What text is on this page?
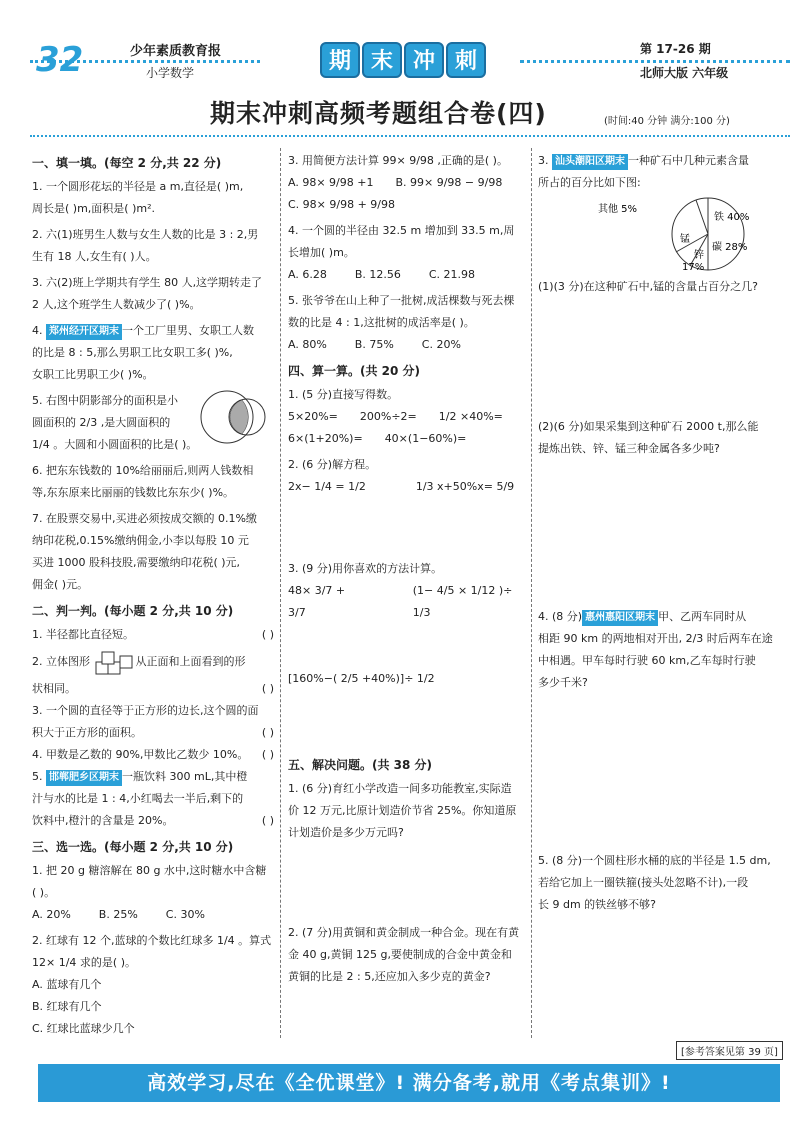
32	少年素质教育报
小学数学	期 末 冲 刺	第 17-26 期
北师大版 六年级
期末冲刺高频考题组合卷(四)	(时间:40 分钟 满分:100 分)
一、填一填。(每空 2 分,共 22 分)
1. 一个圆形花坛的半径是 a m,直径是( )m,
周长是( )m,面积是( )m².
2. 六(1)班男生人数与女生人数的比是 3 : 2,男
生有 18 人,女生有( )人。
3. 六(2)班上学期共有学生 80 人,这学期转走了
2 人,这个班学生人数减少了( )%。
4. 郑州经开区期末 一个工厂里男、女职工人数
的比是 8 : 5,那么男职工比女职工多( )%,
女职工比男职工少( )%。
5. 右图中阴影部分的面积是小
圆面积的 2/3 ,是大圆面积的
1/4 。大圆和小圆面积的比是( )。
6. 把东东钱数的 10%给丽丽后,则两人钱数相
等,东东原来比丽丽的钱数比东东少( )%。
7. 在股票交易中,买进必须按成交额的 0.1%缴
纳印花税,0.15%缴纳佣金,小李以每股 10 元
买进 1000 股科技股,需要缴纳印花税( )元,
佣金( )元。
二、判一判。(每小题 2 分,共 10 分)
1. 半径都比直径短。	( )
2. 立体图形	从正面和上面看到的形
状相同。	( )
3. 一个圆的直径等于正方形的边长,这个圆的面
积大于正方形的面积。	( )
4. 甲数是乙数的 90%,甲数比乙数少 10%。 ( )
5. 邯郸肥乡区期末 一瓶饮料 300 mL,其中橙
汁与水的比是 1 : 4,小红喝去一半后,剩下的
饮料中,橙汁的含量是 20%。	( )
三、选一选。(每小题 2 分,共 10 分)
1. 把 20 g 糖溶解在 80 g 水中,这时糖水中含糖
( )。
A. 20%	B. 25%	C. 30%
2. 红球有 12 个,蓝球的个数比红球多 1/4 。算式
12× 1/4 求的是( )。
A. 蓝球有几个
B. 红球有几个
C. 红球比蓝球少几个
3. 用简便方法计算 99× 9/98 ,正确的是( )。
A. 98× 9/98 +1 B. 99× 9/98 − 9/98
C. 98× 9/98 + 9/98
4. 一个圆的半径由 32.5 m 增加到 33.5 m,周
长增加( )m。
A. 6.28	B. 12.56	C. 21.98
5. 张爷爷在山上种了一批树,成活棵数与死去棵
数的比是 4 : 1,这批树的成活率是( )。
A. 80%	B. 75%	C. 20%
四、算一算。(共 20 分)
1. (5 分)直接写得数。
5×20%= 200%÷2= 1/2 ×40%=
6×(1+20%)= 40×(1−60%)=
2. (6 分)解方程。
2x− 1/4 = 1/2	1/3 x+50%x= 5/9
3. (9 分)用你喜欢的方法计算。
48× 3/7 + 3/7
(1− 4/5 × 1/12 )÷ 1/3
[160%−( 2/5 +40%)]÷ 1/2
五、解决问题。(共 38 分)
1. (6 分)育红小学改造一间多功能教室,实际造
价 12 万元,比原计划造价节省 25%。你知道原
计划造价是多少万元吗?
2. (7 分)用黄铜和黄金制成一种合金。现在有黄
金 40 g,黄铜 125 g,要使制成的合金中黄金和
黄铜的比是 2 : 5,还应加入多少克的黄金?
3. 汕头潮阳区期末 一种矿石中几种元素含量
所占的百分比如下图:
其他 5%
铁 40%
锰
锌
17%
碳 28%
(1)(3 分)在这种矿石中,锰的含量占百分之几?
(2)(6 分)如果采集到这种矿石 2000 t,那么能
提炼出铁、锌、锰三种金属各多少吨?
4. (8 分) 惠州惠阳区期末 甲、乙两车同时从
相距 90 km 的两地相对开出, 2/3 时后两车在途
中相遇。甲车每时行驶 60 km,乙车每时行驶
多少千米?
5. (8 分)一个圆柱形水桶的底的半径是 1.5 dm,
若给它加上一圈铁箍(接头处忽略不计),一段
长 9 dm 的铁丝够不够?
[参考答案见第 39 页]
高效学习,尽在《全优课堂》! 满分备考,就用《考点集训》!
